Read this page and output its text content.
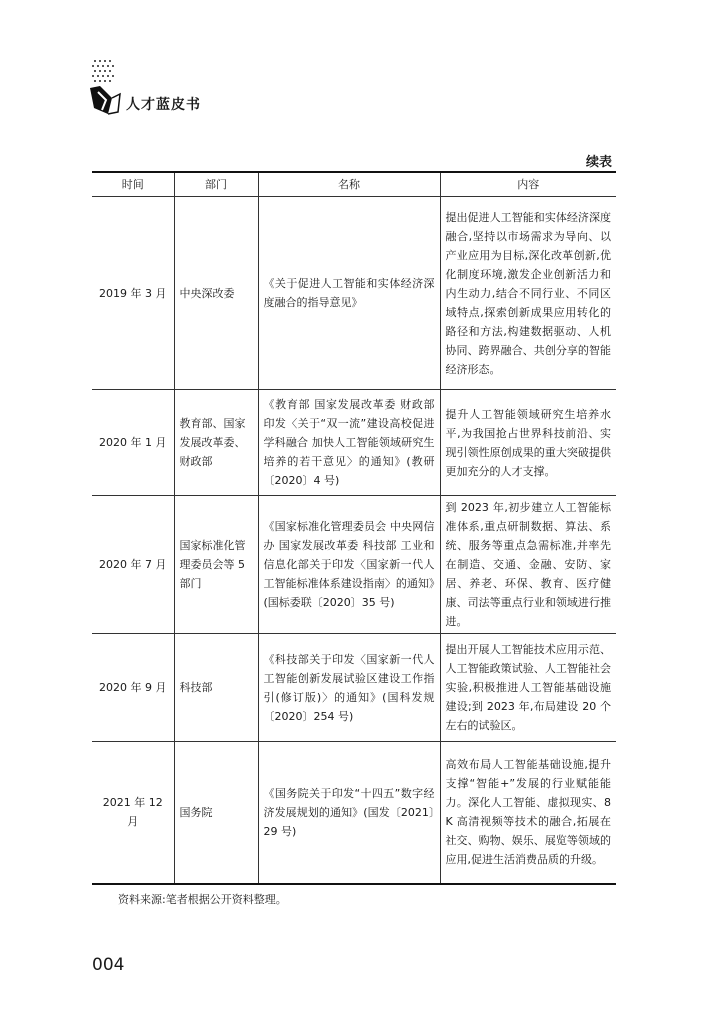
人才蓝皮书
续表
时间	部门	名称	内容
2019 年 3 月	中央深改委	《关于促进人工智能和实体经济深度融合的指导意见》	提出促进人工智能和实体经济深度融合,坚持以市场需求为导向、以产业应用为目标,深化改革创新,优化制度环境,激发企业创新活力和内生动力,结合不同行业、不同区域特点,探索创新成果应用转化的路径和方法,构建数据驱动、人机协同、跨界融合、共创分享的智能经济形态。
2020 年 1 月	教育部、国家发展改革委、财政部	《教育部 国家发展改革委 财政部印发〈关于“双一流”建设高校促进学科融合 加快人工智能领域研究生培养的若干意见〉的通知》(教研〔2020〕4 号)	提升人工智能领域研究生培养水平,为我国抢占世界科技前沿、实现引领性原创成果的重大突破提供更加充分的人才支撑。
2020 年 7 月	国家标准化管理委员会等 5 部门	《国家标准化管理委员会 中央网信办 国家发展改革委 科技部 工业和信息化部关于印发〈国家新一代人工智能标准体系建设指南〉的通知》(国标委联〔2020〕35 号)	到 2023 年,初步建立人工智能标准体系,重点研制数据、算法、系统、服务等重点急需标准,并率先在制造、交通、金融、安防、家居、养老、环保、教育、医疗健康、司法等重点行业和领域进行推进。
2020 年 9 月	科技部	《科技部关于印发〈国家新一代人工智能创新发展试验区建设工作指引(修订版)〉的通知》(国科发规〔2020〕254 号)	提出开展人工智能技术应用示范、人工智能政策试验、人工智能社会实验,积极推进人工智能基础设施建设;到 2023 年,布局建设 20 个左右的试验区。
2021 年 12 月	国务院	《国务院关于印发“十四五”数字经济发展规划的通知》(国发〔2021〕29 号)	高效布局人工智能基础设施,提升支撑“智能+”发展的行业赋能能力。深化人工智能、虚拟现实、8K 高清视频等技术的融合,拓展在社交、购物、娱乐、展览等领域的应用,促进生活消费品质的升级。
资料来源:笔者根据公开资料整理。
004
